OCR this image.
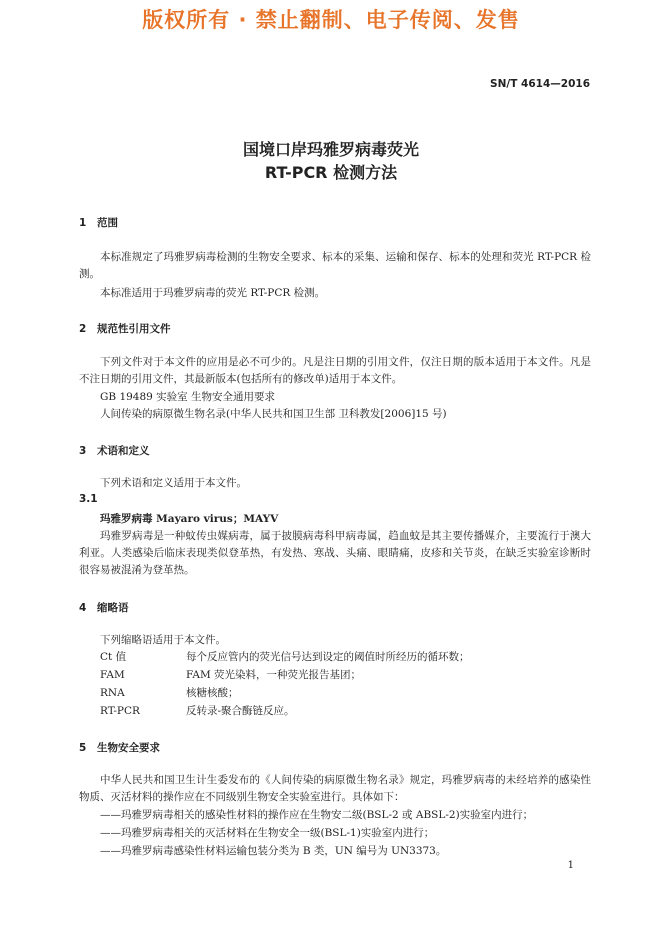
版权所有 · 禁止翻制、电子传阅、发售
SN/T 4614—2016
国境口岸玛雅罗病毒荧光
RT-PCR 检测方法
1 范围
本标准规定了玛雅罗病毒检测的生物安全要求、标本的采集、运输和保存、标本的处理和荧光 RT-PCR 检测。
本标准适用于玛雅罗病毒的荧光 RT-PCR 检测。
2 规范性引用文件
下列文件对于本文件的应用是必不可少的。凡是注日期的引用文件，仅注日期的版本适用于本文件。凡是不注日期的引用文件，其最新版本(包括所有的修改单)适用于本文件。
GB 19489 实验室 生物安全通用要求
人间传染的病原微生物名录(中华人民共和国卫生部 卫科教发[2006]15 号)
3 术语和定义
下列术语和定义适用于本文件。
3.1
玛雅罗病毒 Mayaro virus；MAYV
玛雅罗病毒是一种蚊传虫媒病毒，属于披膜病毒科甲病毒属，趋血蚊是其主要传播媒介，主要流行于澳大利亚。人类感染后临床表现类似登革热，有发热、寒战、头痛、眼睛痛，皮疹和关节炎，在缺乏实验室诊断时很容易被混淆为登革热。
4 缩略语
下列缩略语适用于本文件。
Ct 值	每个反应管内的荧光信号达到设定的阈值时所经历的循环数；
FAM	FAM 荧光染料，一种荧光报告基团；
RNA	核糖核酸；
RT-PCR	反转录-聚合酶链反应。
5 生物安全要求
中华人民共和国卫生计生委发布的《人间传染的病原微生物名录》规定，玛雅罗病毒的未经培养的感染性物质、灭活材料的操作应在不同级别生物安全实验室进行。具体如下：
——玛雅罗病毒相关的感染性材料的操作应在生物安二级(BSL-2 或 ABSL-2)实验室内进行；
——玛雅罗病毒相关的灭活材料在生物安全一级(BSL-1)实验室内进行；
——玛雅罗病毒感染性材料运输包装分类为 B 类，UN 编号为 UN3373。
1
